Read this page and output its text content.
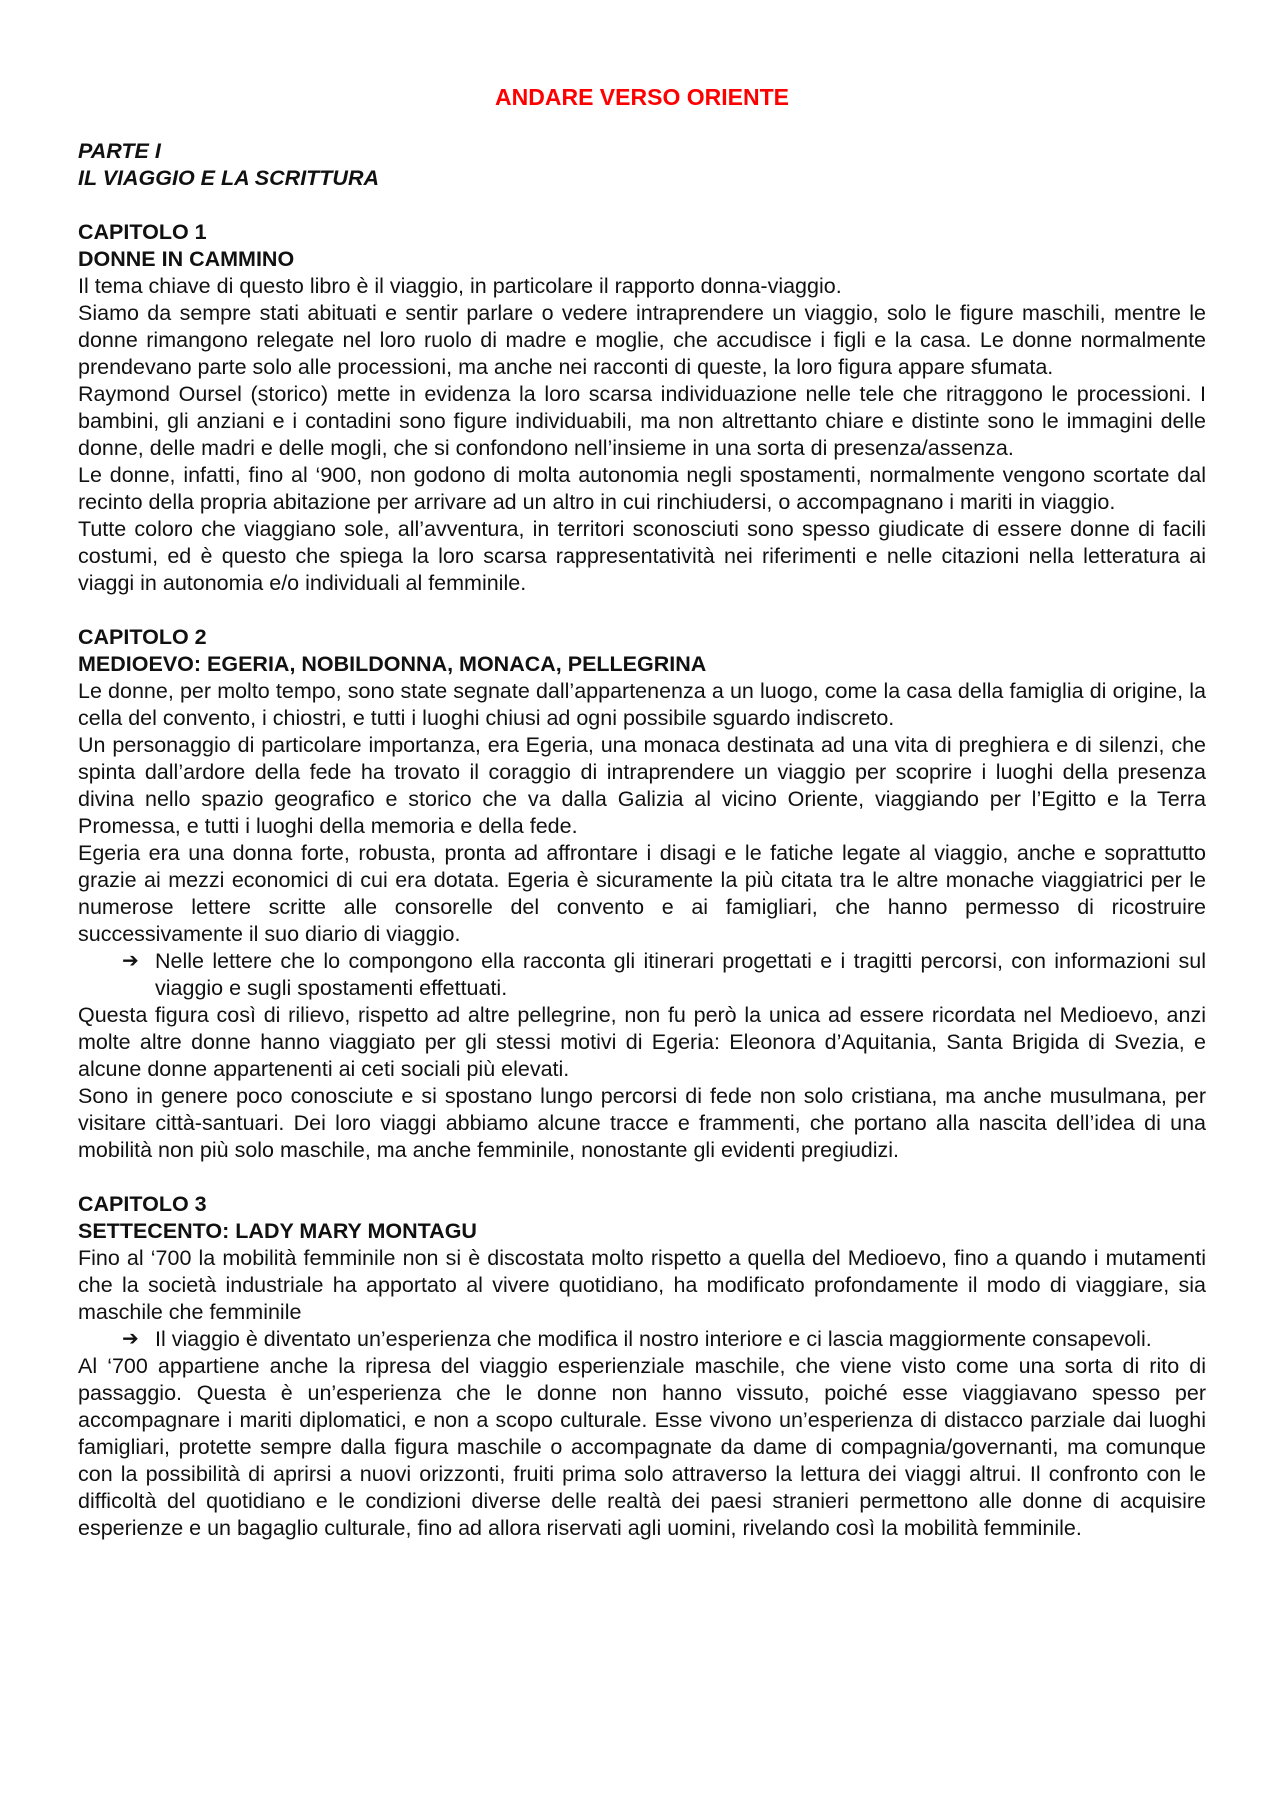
ANDARE VERSO ORIENTE
PARTE I
IL VIAGGIO E LA SCRITTURA
CAPITOLO 1
DONNE IN CAMMINO

Il tema chiave di questo libro è il viaggio, in particolare il rapporto donna-viaggio.

Siamo da sempre stati abituati e sentir parlare o vedere intraprendere un viaggio, solo le figure maschili, mentre le donne rimangono relegate nel loro ruolo di madre e moglie, che accudisce i figli e la casa. Le donne normalmente prendevano parte solo alle processioni, ma anche nei racconti di queste, la loro figura appare sfumata.

Raymond Oursel (storico) mette in evidenza la loro scarsa individuazione nelle tele che ritraggono le processioni. I bambini, gli anziani e i contadini sono figure individuabili, ma non altrettanto chiare e distinte sono le immagini delle donne, delle madri e delle mogli, che si confondono nell’insieme in una sorta di presenza/assenza.

Le donne, infatti, fino al ‘900, non godono di molta autonomia negli spostamenti, normalmente vengono scortate dal recinto della propria abitazione per arrivare ad un altro in cui rinchiudersi, o accompagnano i mariti in viaggio.

Tutte coloro che viaggiano sole, all’avventura, in territori sconosciuti sono spesso giudicate di essere donne di facili costumi, ed è questo che spiega la loro scarsa rappresentatività nei riferimenti e nelle citazioni nella letteratura ai viaggi in autonomia e/o individuali al femminile.

CAPITOLO 2
MEDIOEVO: EGERIA, NOBILDONNA, MONACA, PELLEGRINA

Le donne, per molto tempo, sono state segnate dall’appartenenza a un luogo, come la casa della famiglia di origine, la cella del convento, i chiostri, e tutti i luoghi chiusi ad ogni possibile sguardo indiscreto.

Un personaggio di particolare importanza, era Egeria, una monaca destinata ad una vita di preghiera e di silenzi, che spinta dall’ardore della fede ha trovato il coraggio di intraprendere un viaggio per scoprire i luoghi della presenza divina nello spazio geografico e storico che va dalla Galizia al vicino Oriente, viaggiando per l’Egitto e la Terra Promessa, e tutti i luoghi della memoria e della fede.

Egeria era una donna forte, robusta, pronta ad affrontare i disagi e le fatiche legate al viaggio, anche e soprattutto grazie ai mezzi economici di cui era dotata. Egeria è sicuramente la più citata tra le altre monache viaggiatrici per le numerose lettere scritte alle consorelle del convento e ai famigliari, che hanno permesso di ricostruire successivamente il suo diario di viaggio.

➔ Nelle lettere che lo compongono ella racconta gli itinerari progettati e i tragitti percorsi, con informazioni sul viaggio e sugli spostamenti effettuati.

Questa figura così di rilievo, rispetto ad altre pellegrine, non fu però la unica ad essere ricordata nel Medioevo, anzi molte altre donne hanno viaggiato per gli stessi motivi di Egeria: Eleonora d’Aquitania, Santa Brigida di Svezia, e alcune donne appartenenti ai ceti sociali più elevati.

Sono in genere poco conosciute e si spostano lungo percorsi di fede non solo cristiana, ma anche musulmana, per visitare città-santuari. Dei loro viaggi abbiamo alcune tracce e frammenti, che portano alla nascita dell’idea di una mobilità non più solo maschile, ma anche femminile, nonostante gli evidenti pregiudizi.

CAPITOLO 3
SETTECENTO: LADY MARY MONTAGU

Fino al ‘700 la mobilità femminile non si è discostata molto rispetto a quella del Medioevo, fino a quando i mutamenti che la società industriale ha apportato al vivere quotidiano, ha modificato profondamente il modo di viaggiare, sia maschile che femminile

➔ Il viaggio è diventato un’esperienza che modifica il nostro interiore e ci lascia maggiormente consapevoli.

Al ‘700 appartiene anche la ripresa del viaggio esperienziale maschile, che viene visto come una sorta di rito di passaggio. Questa è un’esperienza che le donne non hanno vissuto, poiché esse viaggiavano spesso per accompagnare i mariti diplomatici, e non a scopo culturale. Esse vivono un’esperienza di distacco parziale dai luoghi famigliari, protette sempre dalla figura maschile o accompagnate da dame di compagnia/governanti, ma comunque con la possibilità di aprirsi a nuovi orizzonti, fruiti prima solo attraverso la lettura dei viaggi altrui. Il confronto con le difficoltà del quotidiano e le condizioni diverse delle realtà dei paesi stranieri permettono alle donne di acquisire esperienze e un bagaglio culturale, fino ad allora riservati agli uomini, rivelando così la mobilità femminile.
